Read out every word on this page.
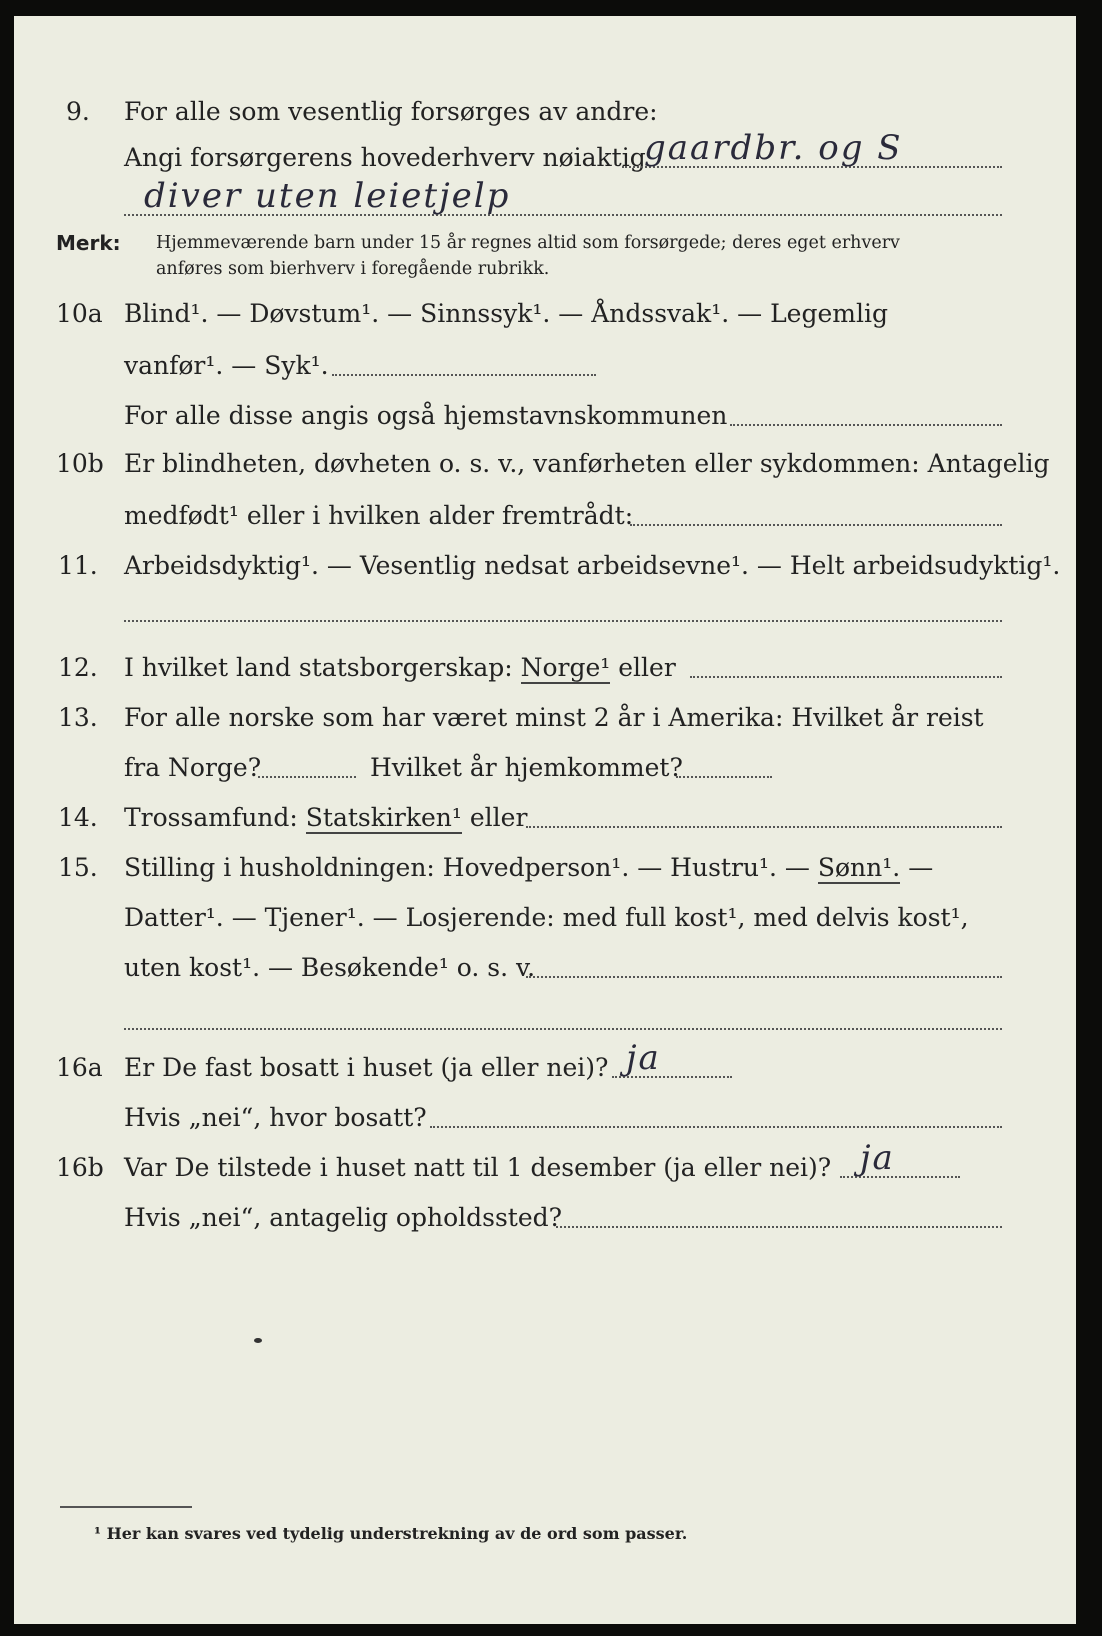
9. For alle som vesentlig forsørges av andre:
Angi forsørgerens hovederhverv nøiaktig
gaardbr. og S
diver uten leietjelp
Merk: Hjemmeværende barn under 15 år regnes altid som forsørgede; deres eget erhverv
anføres som bierhverv i foregående rubrikk.
10a Blind¹. — Døvstum¹. — Sinnssyk¹. — Åndssvak¹. — Legemlig
vanfør¹. — Syk¹.
For alle disse angis også hjemstavnskommunen
10b Er blindheten, døvheten o. s. v., vanførheten eller sykdommen: Antagelig
medfødt¹ eller i hvilken alder fremtrådt:
11. Arbeidsdyktig¹. — Vesentlig nedsat arbeidsevne¹. — Helt arbeidsudyktig¹.
12. I hvilket land statsborgerskap: Norge¹ eller
13. For alle norske som har været minst 2 år i Amerika: Hvilket år reist
fra Norge?	Hvilket år hjemkommet?
14. Trossamfund: Statskirken¹ eller
15. Stilling i husholdningen: Hovedperson¹. — Hustru¹. — Sønn¹. —
Datter¹. — Tjener¹. — Losjerende: med full kost¹, med delvis kost¹,
uten kost¹. — Besøkende¹ o. s. v.
16a Er De fast bosatt i huset (ja eller nei)? ja
Hvis „nei“, hvor bosatt?
16b Var De tilstede i huset natt til 1 desember (ja eller nei)? ja
Hvis „nei“, antagelig opholdssted?
¹ Her kan svares ved tydelig understrekning av de ord som passer.
